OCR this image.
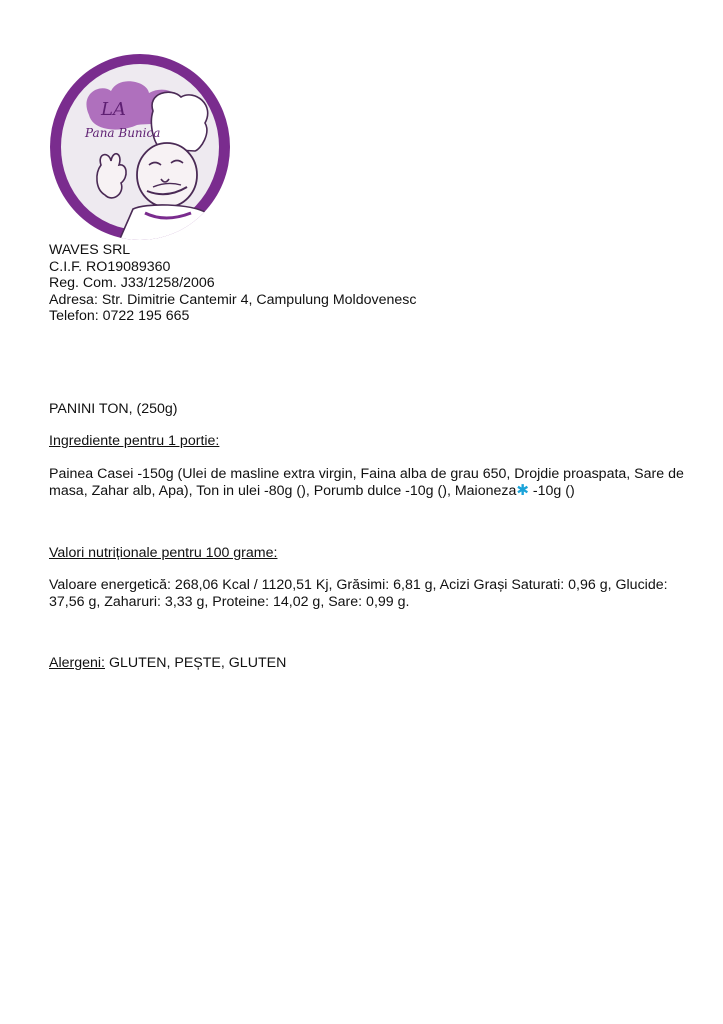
LA
Pana Bunica
WAVES SRL
C.I.F. RO19089360
Reg. Com. J33/1258/2006
Adresa: Str. Dimitrie Cantemir 4, Campulung Moldovenesc
Telefon: 0722 195 665
PANINI TON, (250g)
Ingrediente pentru 1 portie:
Painea Casei -150g (Ulei de masline extra virgin, Faina alba de grau 650, Drojdie proaspata, Sare de masa, Zahar alb, Apa), Ton in ulei -80g (), Porumb dulce -10g (), Maioneza✱ -10g ()
Valori nutriționale pentru 100 grame:
Valoare energetică: 268,06 Kcal / 1120,51 Kj, Grăsimi: 6,81 g, Acizi Grași Saturati: 0,96 g, Glucide: 37,56 g, Zaharuri: 3,33 g, Proteine: 14,02 g, Sare: 0,99 g.
Alergeni: GLUTEN, PEȘTE, GLUTEN
